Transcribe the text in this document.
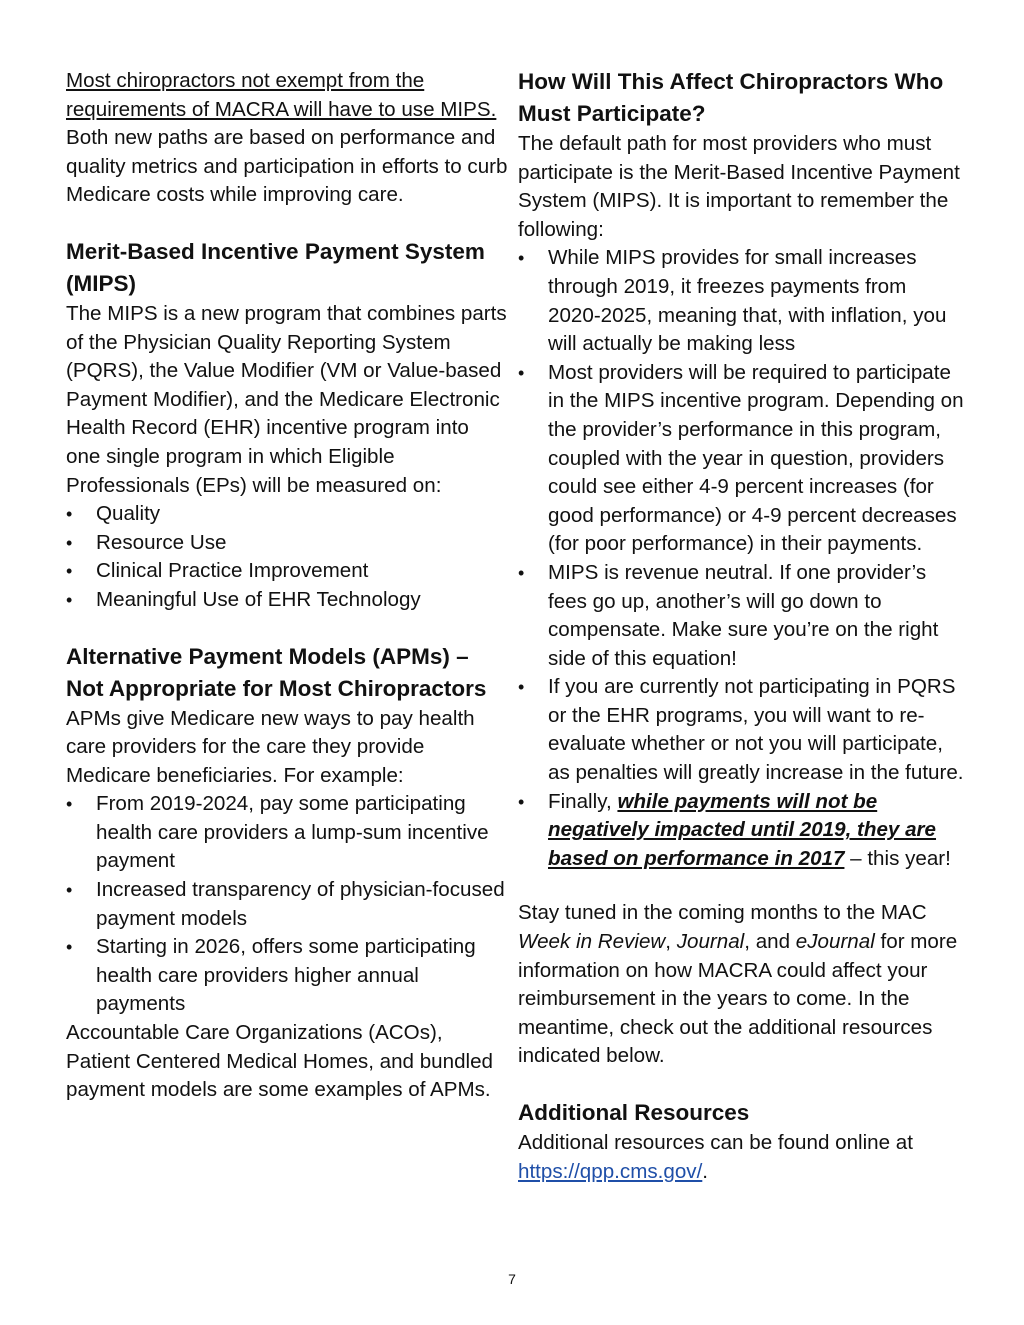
Most chiropractors not exempt from the requirements of MACRA will have to use MIPS. Both new paths are based on performance and quality metrics and participation in efforts to curb Medicare costs while improving care.

Merit-Based Incentive Payment System (MIPS)

The MIPS is a new program that combines parts of the Physician Quality Reporting System (PQRS), the Value Modifier (VM or Value-based Payment Modifier), and the Medicare Electronic Health Record (EHR) incentive program into one single program in which Eligible Professionals (EPs) will be measured on:

• Quality
• Resource Use
• Clinical Practice Improvement
• Meaningful Use of EHR Technology
Alternative Payment Models (APMs) – Not Appropriate for Most Chiropractors

APMs give Medicare new ways to pay health care providers for the care they provide Medicare beneficiaries. For example:

• From 2019-2024, pay some participating health care providers a lump-sum incentive payment
• Increased transparency of physician-focused payment models
• Starting in 2026, offers some participating health care providers higher annual payments

Accountable Care Organizations (ACOs), Patient Centered Medical Homes, and bundled payment models are some examples of APMs.

How Will This Affect Chiropractors Who Must Participate?

The default path for most providers who must participate is the Merit-Based Incentive Payment System (MIPS). It is important to remember the following:

• While MIPS provides for small increases through 2019, it freezes payments from 2020-2025, meaning that, with inflation, you will actually be making less
• Most providers will be required to participate in the MIPS incentive program. Depending on the provider’s performance in this program, coupled with the year in question, providers could see either 4-9 percent increases (for good performance) or 4-9 percent decreases (for poor performance) in their payments.
• MIPS is revenue neutral. If one provider’s fees go up, another’s will go down to compensate. Make sure you’re on the right side of this equation!
• If you are currently not participating in PQRS or the EHR programs, you will want to re-evaluate whether or not you will participate, as penalties will greatly increase in the future.
• Finally, while payments will not be negatively impacted until 2019, they are based on performance in 2017 – this year!

Stay tuned in the coming months to the MAC Week in Review, Journal, and eJournal for more information on how MACRA could affect your reimbursement in the years to come. In the meantime, check out the additional resources indicated below.

Additional Resources

Additional resources can be found online at https://qpp.cms.gov/.

7
